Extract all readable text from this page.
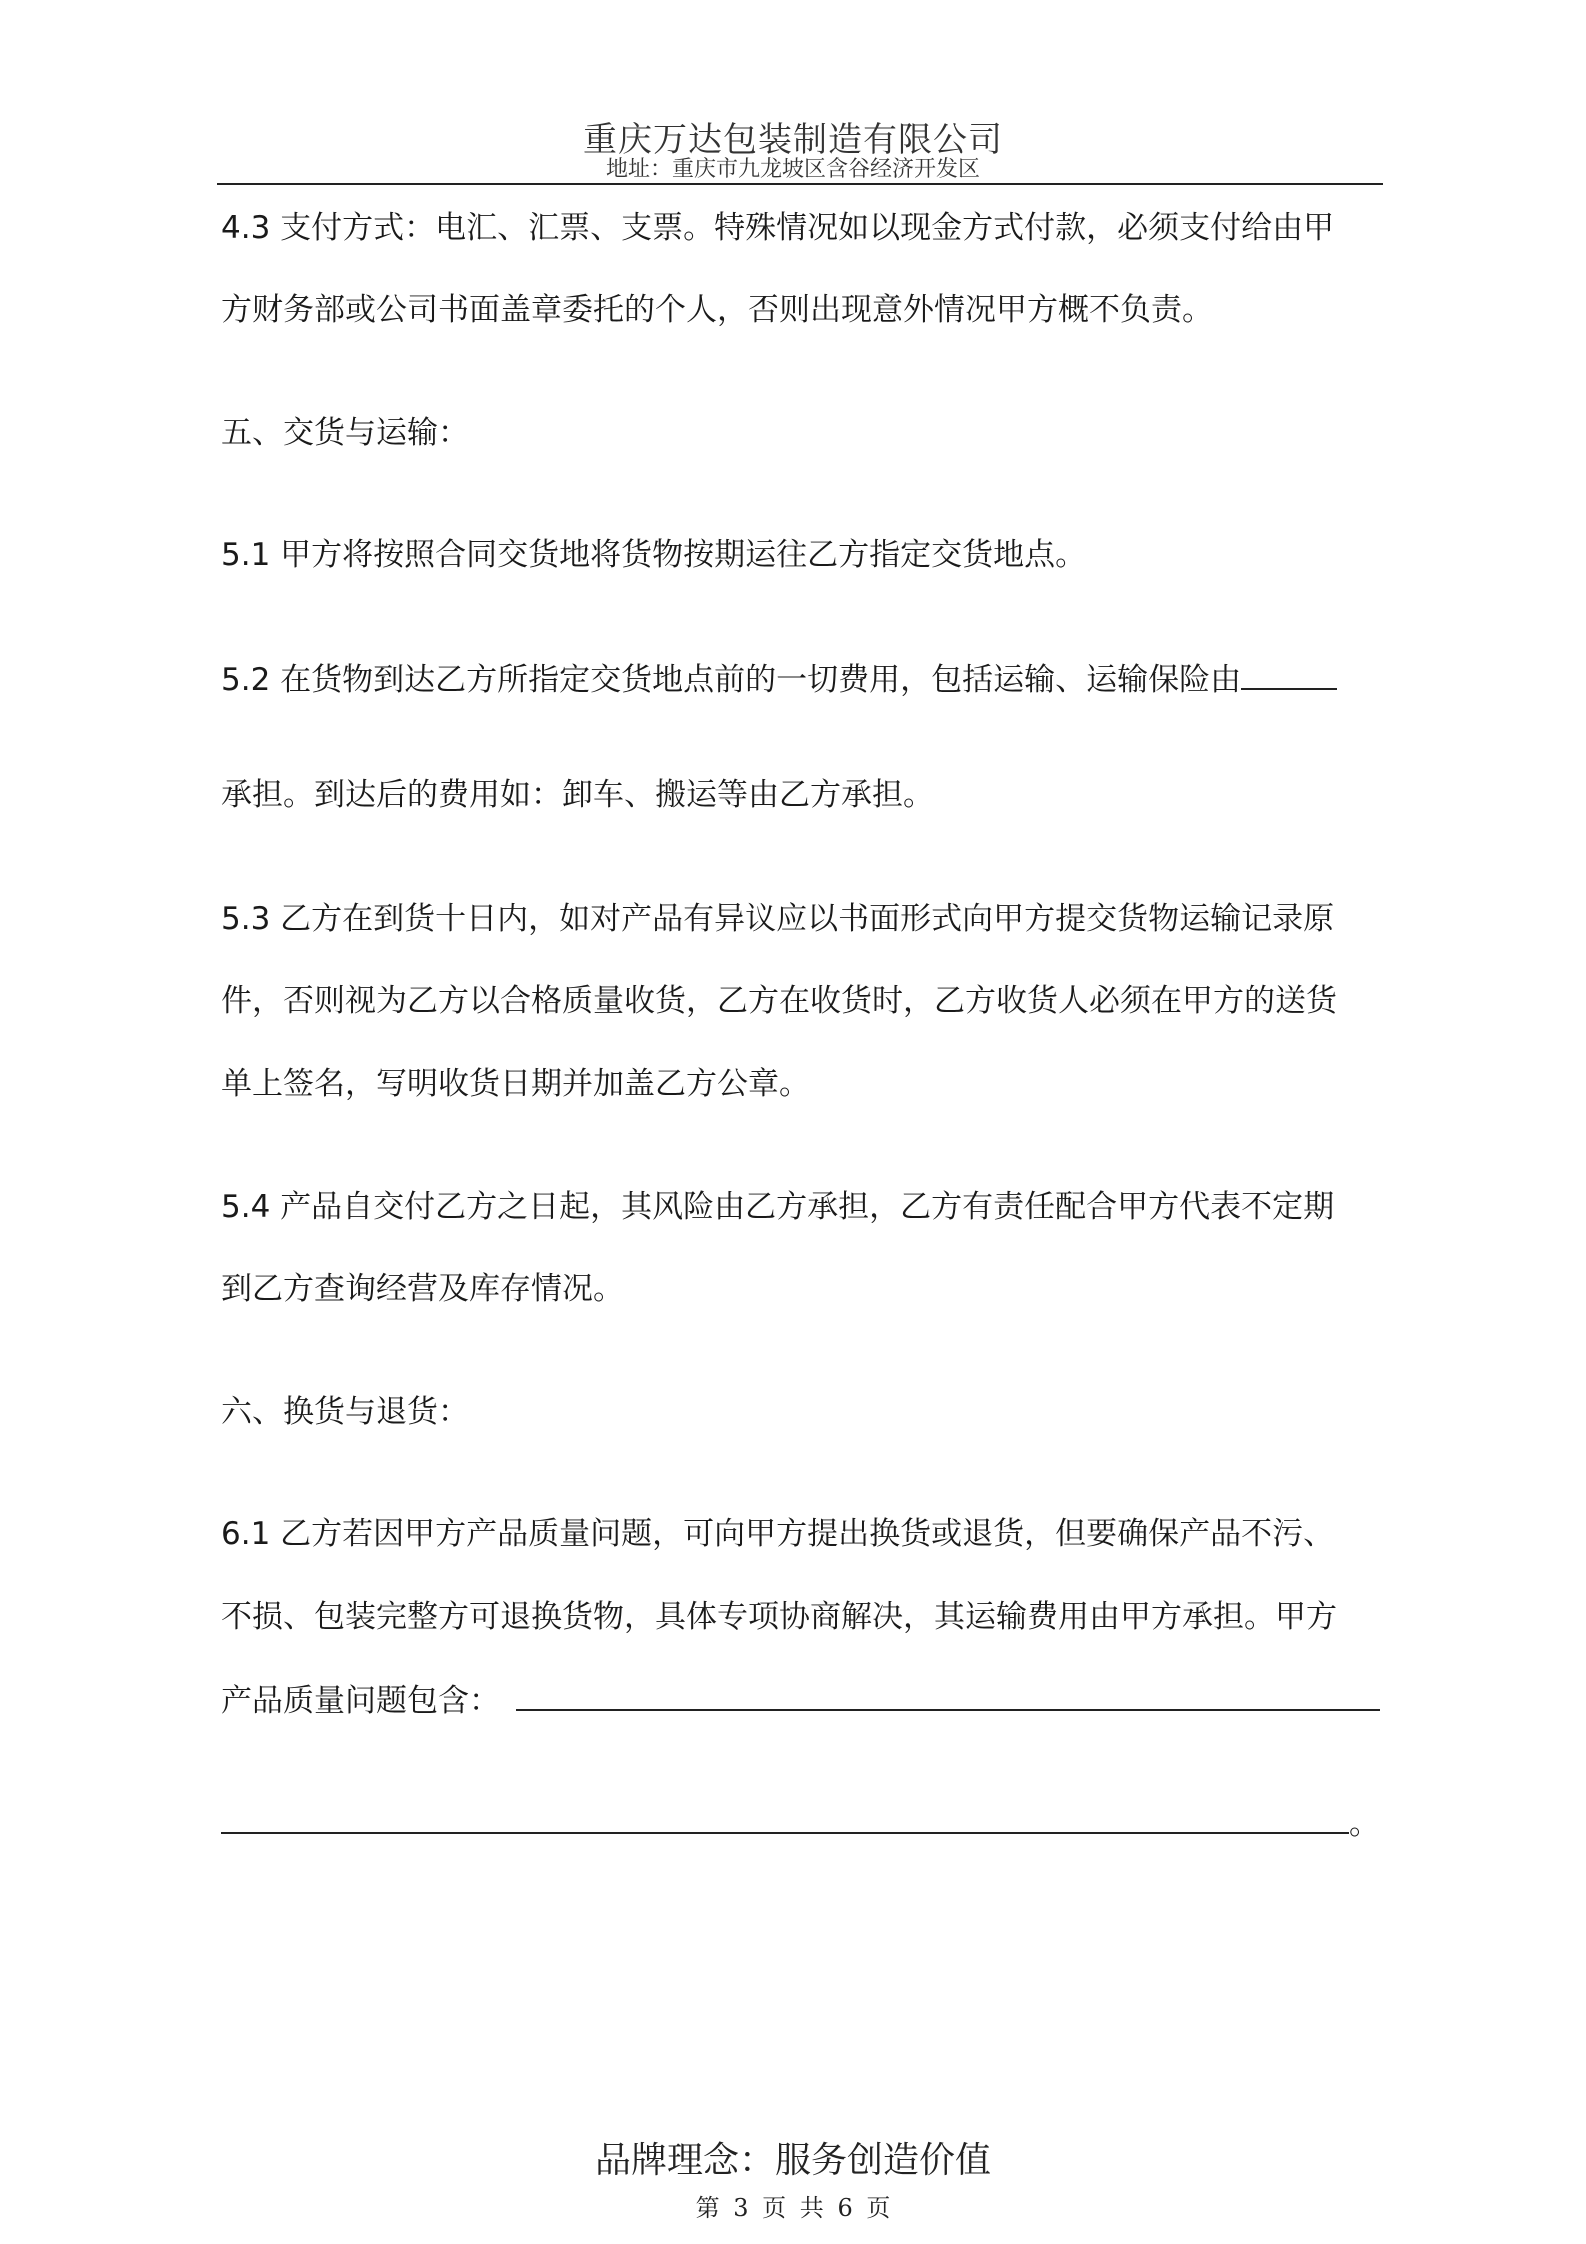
重庆万达包装制造有限公司
地址：重庆市九龙坡区含谷经济开发区
4.3 支付方式：电汇、汇票、支票。特殊情况如以现金方式付款，必须支付给由甲
方财务部或公司书面盖章委托的个人，否则出现意外情况甲方概不负责。
五、交货与运输：
5.1 甲方将按照合同交货地将货物按期运往乙方指定交货地点。
5.2 在货物到达乙方所指定交货地点前的一切费用，包括运输、运输保险由
承担。到达后的费用如：卸车、搬运等由乙方承担。
5.3 乙方在到货十日内，如对产品有异议应以书面形式向甲方提交货物运输记录原
件，否则视为乙方以合格质量收货，乙方在收货时，乙方收货人必须在甲方的送货
单上签名，写明收货日期并加盖乙方公章。
5.4 产品自交付乙方之日起，其风险由乙方承担，乙方有责任配合甲方代表不定期
到乙方查询经营及库存情况。
六、换货与退货：
6.1 乙方若因甲方产品质量问题，可向甲方提出换货或退货，但要确保产品不污、
不损、包装完整方可退换货物，具体专项协商解决，其运输费用由甲方承担。甲方
产品质量问题包含：
。
品牌理念：服务创造价值
第 3 页 共 6 页
